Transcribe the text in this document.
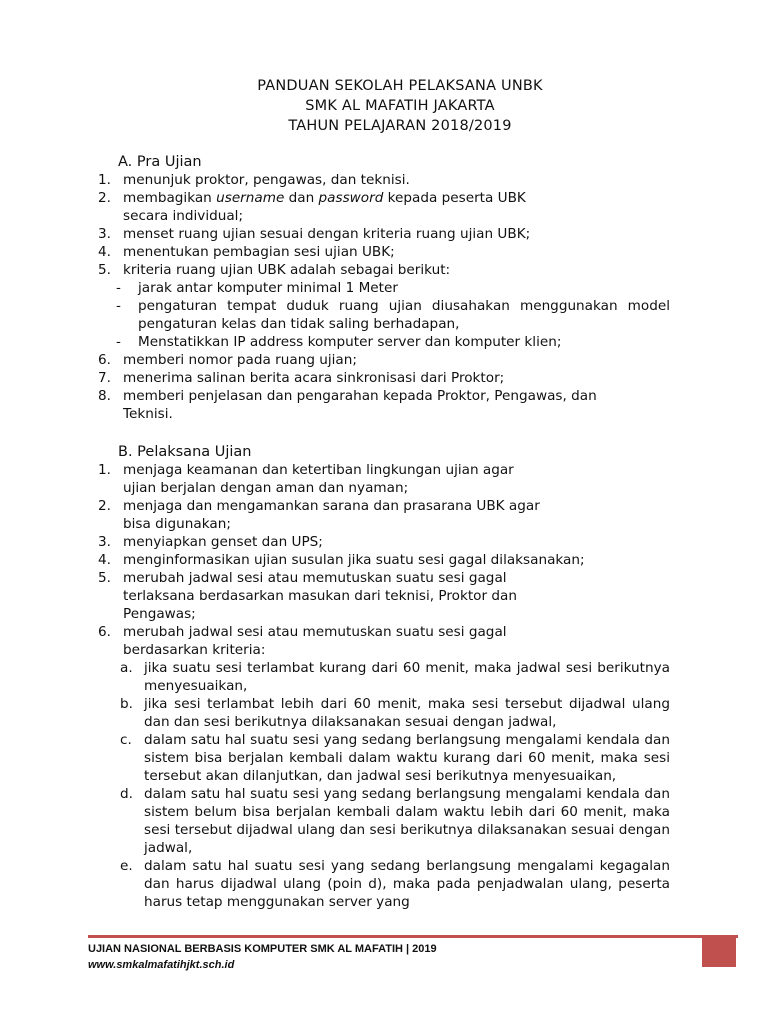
PANDUAN SEKOLAH PELAKSANA UNBK
SMK AL MAFATIH JAKARTA
TAHUN PELAJARAN 2018/2019
A. Pra Ujian
1. menunjuk proktor, pengawas, dan teknisi.
2. membagikan username dan password kepada peserta UBK
secara individual;
3. menset ruang ujian sesuai dengan kriteria ruang ujian UBK;
4. menentukan pembagian sesi ujian UBK;
5. kriteria ruang ujian UBK adalah sebagai berikut:
-	jarak antar komputer minimal 1 Meter
-	pengaturan tempat duduk ruang ujian diusahakan menggunakan model pengaturan kelas dan tidak saling berhadapan,
-	Menstatikkan IP address komputer server dan komputer klien;
6. memberi nomor pada ruang ujian;
7. menerima salinan berita acara sinkronisasi dari Proktor;
8. memberi penjelasan dan pengarahan kepada Proktor, Pengawas, dan
Teknisi.
B. Pelaksana Ujian
1. menjaga keamanan dan ketertiban lingkungan ujian agar
ujian berjalan dengan aman dan nyaman;
2. menjaga dan mengamankan sarana dan prasarana UBK agar
bisa digunakan;
3. menyiapkan genset dan UPS;
4. menginformasikan ujian susulan jika suatu sesi gagal dilaksanakan;
5. merubah jadwal sesi atau memutuskan suatu sesi gagal
terlaksana berdasarkan masukan dari teknisi, Proktor dan
Pengawas;
6. merubah jadwal sesi atau memutuskan suatu sesi gagal
berdasarkan kriteria:
a. jika suatu sesi terlambat kurang dari 60 menit, maka jadwal sesi berikutnya menyesuaikan,
b. jika sesi terlambat lebih dari 60 menit, maka sesi tersebut dijadwal ulang dan dan sesi berikutnya dilaksanakan sesuai dengan jadwal,
c. dalam satu hal suatu sesi yang sedang berlangsung mengalami kendala dan sistem bisa berjalan kembali dalam waktu kurang dari 60 menit, maka sesi tersebut akan dilanjutkan, dan jadwal sesi berikutnya menyesuaikan,
d. dalam satu hal suatu sesi yang sedang berlangsung mengalami kendala dan sistem belum bisa berjalan kembali dalam waktu lebih dari 60 menit, maka sesi tersebut dijadwal ulang dan sesi berikutnya dilaksanakan sesuai dengan jadwal,
e. dalam satu hal suatu sesi yang sedang berlangsung mengalami kegagalan dan harus dijadwal ulang (poin d), maka pada penjadwalan ulang, peserta harus tetap menggunakan server yang
UJIAN NASIONAL BERBASIS KOMPUTER SMK AL MAFATIH | 2019
www.smkalmafatihjkt.sch.id
